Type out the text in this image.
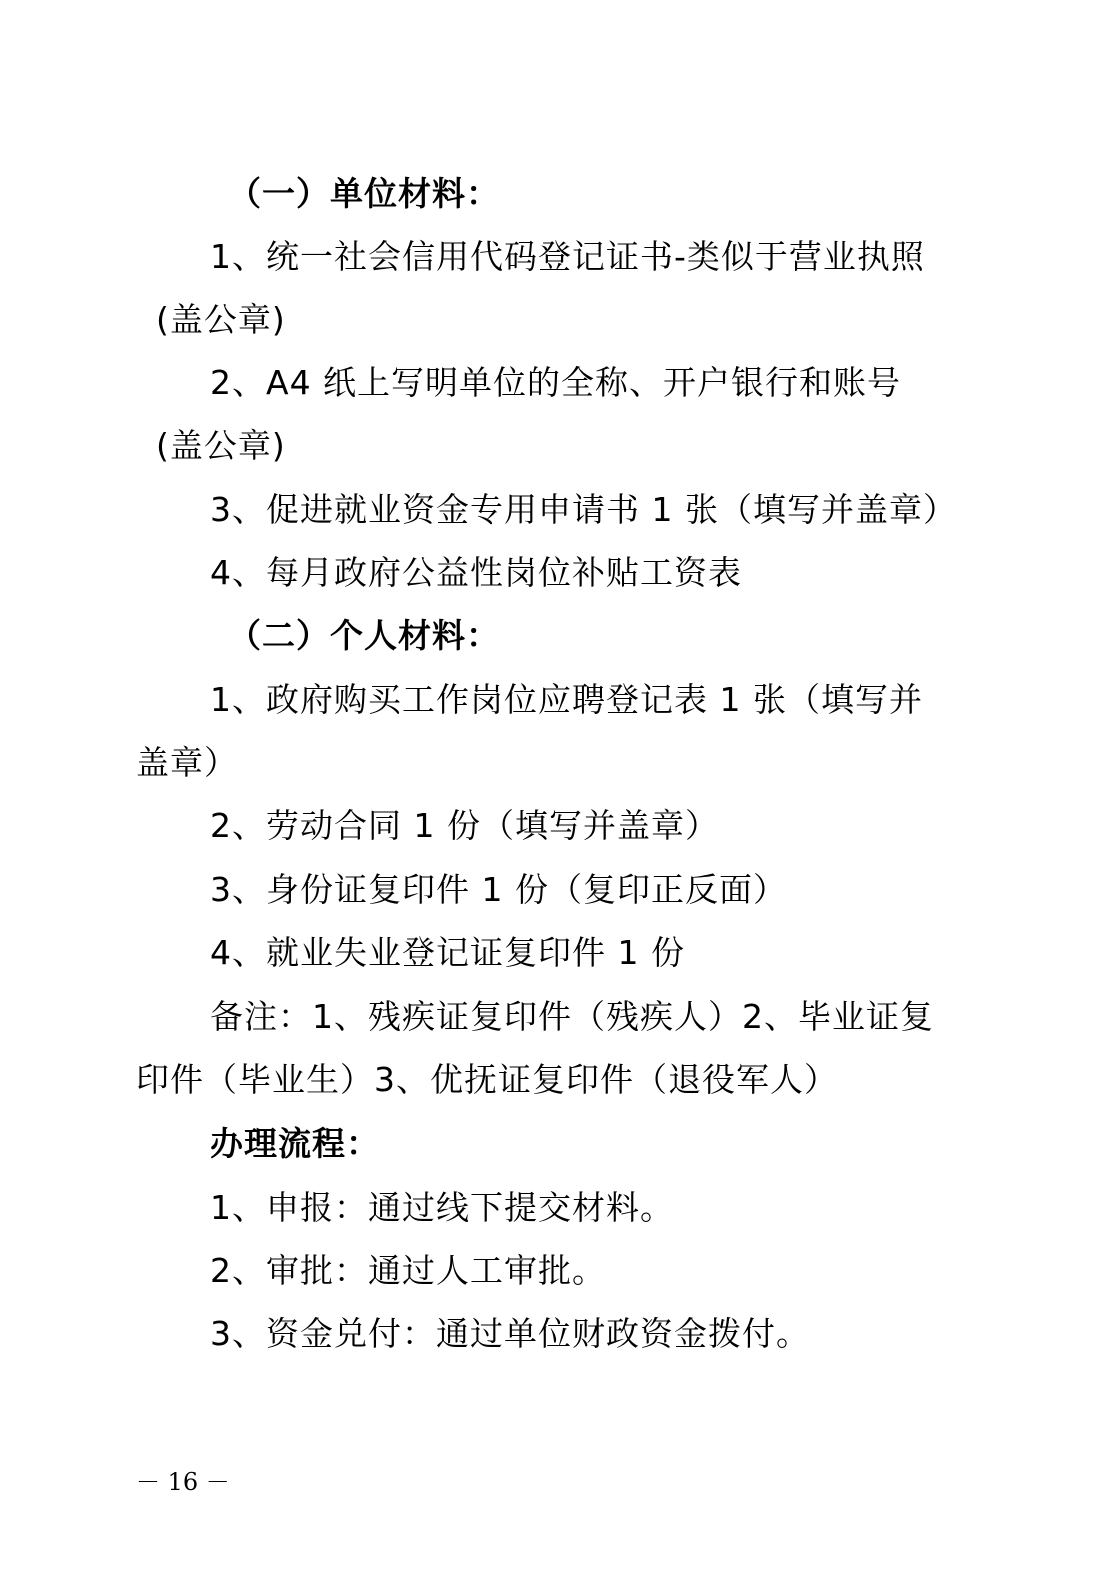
（一）单位材料：
1、统一社会信用代码登记证书-类似于营业执照
(盖公章)
2、A4 纸上写明单位的全称、开户银行和账号
(盖公章)
3、促进就业资金专用申请书 1 张（填写并盖章）
4、每月政府公益性岗位补贴工资表
（二）个人材料：
1、政府购买工作岗位应聘登记表 1 张（填写并
盖章）
2、劳动合同 1 份（填写并盖章）
3、身份证复印件 1 份（复印正反面）
4、就业失业登记证复印件 1 份
备注：1、残疾证复印件（残疾人）2、毕业证复
印件（毕业生）3、优抚证复印件（退役军人）
办理流程：
1、申报：通过线下提交材料。
2、审批：通过人工审批。
3、资金兑付：通过单位财政资金拨付。
－ 16 －
